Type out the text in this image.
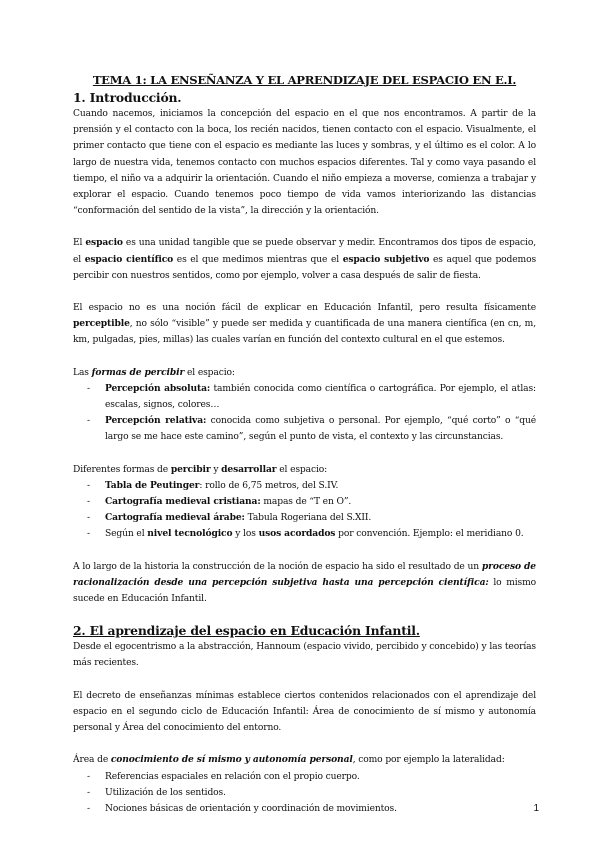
TEMA 1: LA ENSEÑANZA Y EL APRENDIZAJE DEL ESPACIO EN E.I.
1. Introducción.

Cuando nacemos, iniciamos la concepción del espacio en el que nos encontramos. A partir de la prensión y el contacto con la boca, los recién nacidos, tienen contacto con el espacio. Visualmente, el primer contacto que tiene con el espacio es mediante las luces y sombras, y el último es el color. A lo largo de nuestra vida, tenemos contacto con muchos espacios diferentes. Tal y como vaya pasando el tiempo, el niño va a adquirir la orientación. Cuando el niño empieza a moverse, comienza a trabajar y explorar el espacio. Cuando tenemos poco tiempo de vida vamos interiorizando las distancias “conformación del sentido de la vista”, la dirección y la orientación.

El espacio es una unidad tangible que se puede observar y medir. Encontramos dos tipos de espacio, el espacio científico es el que medimos mientras que el espacio subjetivo es aquel que podemos percibir con nuestros sentidos, como por ejemplo, volver a casa después de salir de fiesta.

El espacio no es una noción fácil de explicar en Educación Infantil, pero resulta físicamente perceptible, no sólo “visible” y puede ser medida y cuantificada de una manera científica (en cn, m, km, pulgadas, pies, millas) las cuales varían en función del contexto cultural en el que estemos.

Las formas de percibir el espacio:

- Percepción absoluta: también conocida como científica o cartográfica. Por ejemplo, el atlas: escalas, signos, colores…
- Percepción relativa: conocida como subjetiva o personal. Por ejemplo, “qué corto” o “qué largo se me hace este camino”, según el punto de vista, el contexto y las circunstancias.

Diferentes formas de percibir y desarrollar el espacio:

- Tabla de Peutinger: rollo de 6,75 metros, del S.IV.
- Cartografía medieval cristiana: mapas de “T en O”.
- Cartografía medieval árabe: Tabula Rogeriana del S.XII.
- Según el nivel tecnológico y los usos acordados por convención. Ejemplo: el meridiano 0.

A lo largo de la historia la construcción de la noción de espacio ha sido el resultado de un proceso de racionalización desde una percepción subjetiva hasta una percepción científica: lo mismo sucede en Educación Infantil.

2. El aprendizaje del espacio en Educación Infantil.

Desde el egocentrismo a la abstracción, Hannoum (espacio vivido, percibido y concebido) y las teorías más recientes.

El decreto de enseñanzas mínimas establece ciertos contenidos relacionados con el aprendizaje del espacio en el segundo ciclo de Educación Infantil: Área de conocimiento de sí mismo y autonomía personal y Área del conocimiento del entorno.

Área de conocimiento de sí mismo y autonomía personal, como por ejemplo la lateralidad:

- Referencias espaciales en relación con el propio cuerpo.
- Utilización de los sentidos.
- Nociones básicas de orientación y coordinación de movimientos.	1
